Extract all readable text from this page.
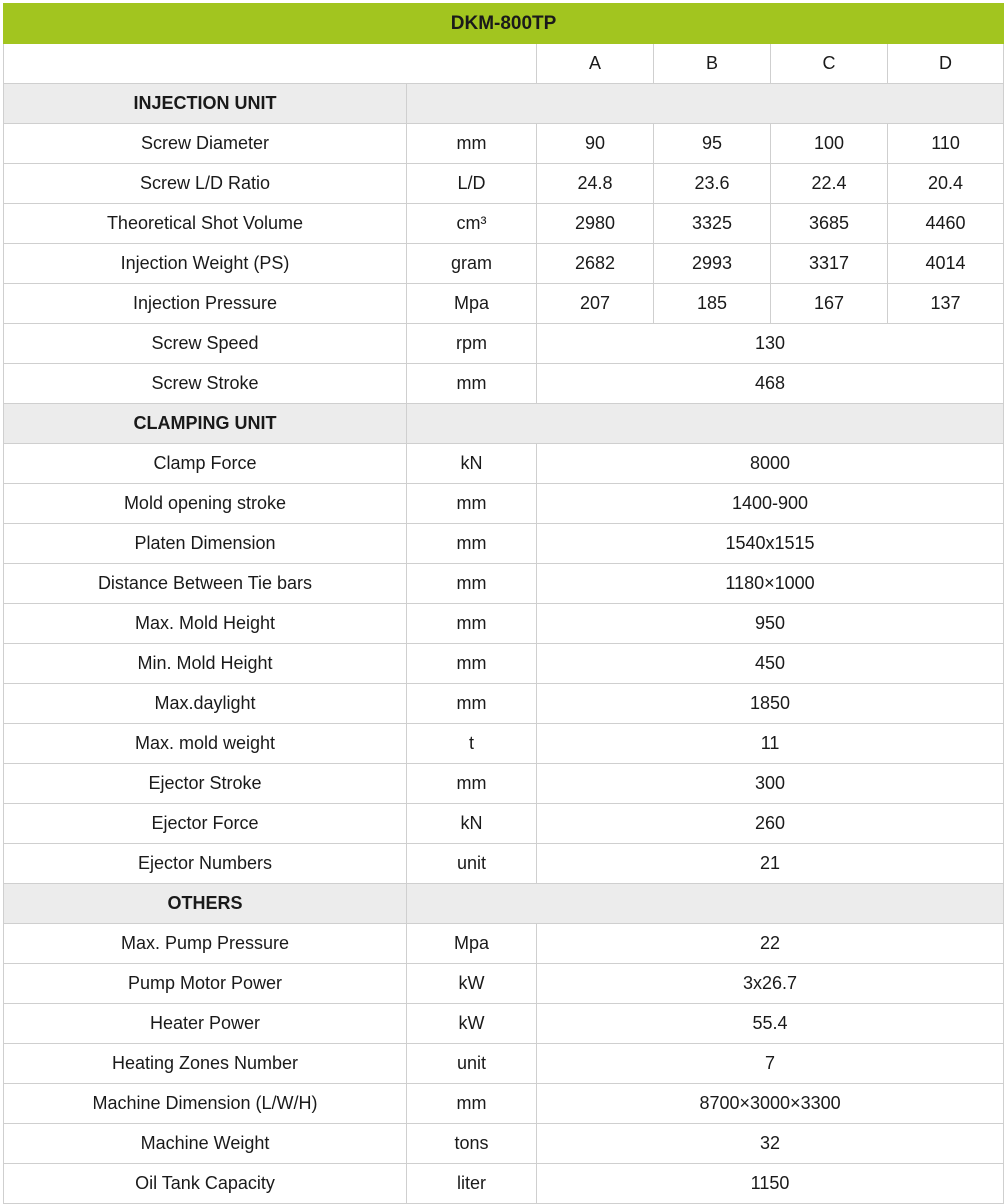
DKM-800TP					
		A	B	C	D
INJECTION UNIT					
Screw Diameter	mm	90	95	100	110
Screw L/D Ratio	L/D	24.8	23.6	22.4	20.4
Theoretical Shot Volume	cm³	2980	3325	3685	4460
Injection Weight (PS)	gram	2682	2993	3317	4014
Injection Pressure	Mpa	207	185	167	137
Screw Speed	rpm	130			
Screw Stroke	mm	468			
CLAMPING UNIT					
Clamp Force	kN	8000			
Mold opening stroke	mm	1400-900			
Platen Dimension	mm	1540x1515			
Distance Between Tie bars	mm	1180×1000			
Max. Mold Height	mm	950			
Min. Mold Height	mm	450			
Max.daylight	mm	1850			
Max. mold weight	t	11			
Ejector Stroke	mm	300			
Ejector Force	kN	260			
Ejector Numbers	unit	21			
OTHERS					
Max. Pump Pressure	Mpa	22			
Pump Motor Power	kW	3x26.7			
Heater Power	kW	55.4			
Heating Zones Number	unit	7			
Machine Dimension (L/W/H)	mm	8700×3000×3300			
Machine Weight	tons	32			
Oil Tank Capacity	liter	1150			
